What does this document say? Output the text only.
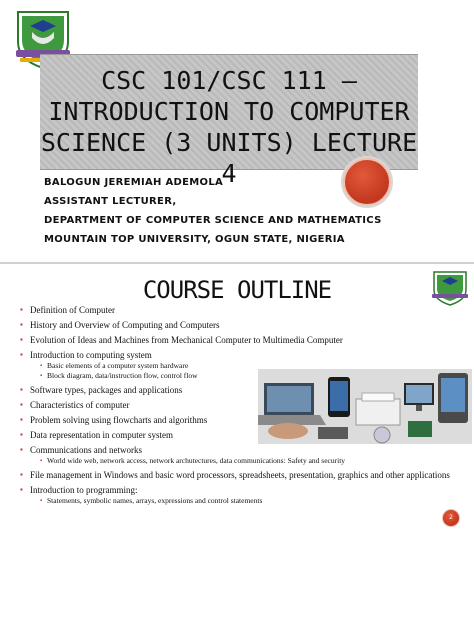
CSC 101/CSC 111 –
INTRODUCTION TO COMPUTER
SCIENCE (3 UNITS) LECTURE 4
BALOGUN JEREMIAH ADEMOLA
ASSISTANT LECTURER,
DEPARTMENT OF COMPUTER SCIENCE AND MATHEMATICS
MOUNTAIN TOP UNIVERSITY, OGUN STATE, NIGERIA
COURSE OUTLINE
▪ Definition of Computer
▪ History and Overview of Computing and Computers
▪ Evolution of Ideas and Machines from Mechanical Computer to Multimedia Computer
▪ Introduction to computing system
▪ Basic elements of a computer system hardware
▪ Block diagram, data/instruction flow, control flow
▪ Software types, packages and applications
▪ Characteristics of computer
▪ Problem solving using flowcharts and algorithms
▪ Data representation in computer system
▪ Communications and networks
▪ World wide web, network access, network archutectures, data communications: Safety and security
▪ File management in Windows and basic word processors, spreadsheets, presentation, graphics and other applications
▪ Introduction to programming:
▪ Statements, symbolic names, arrays, expressions and control statements
2
